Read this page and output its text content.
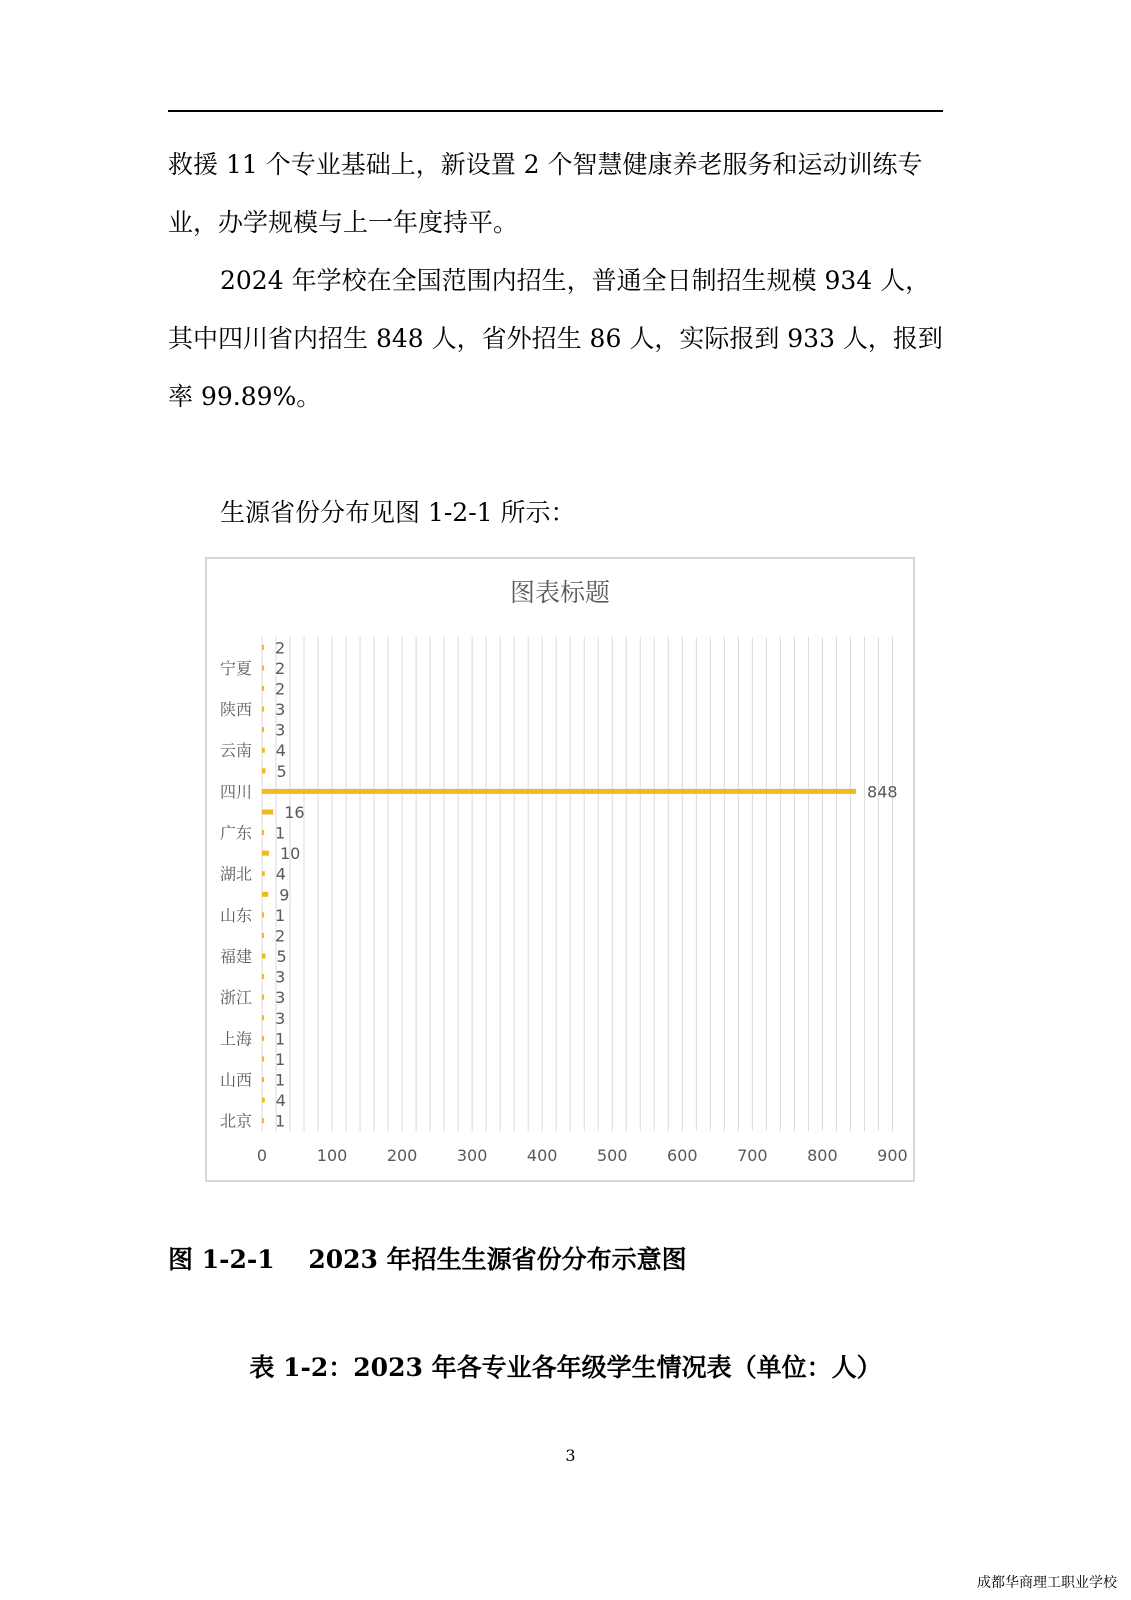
救援 11 个专业基础上，新设置 2 个智慧健康养老服务和运动训练专
业，办学规模与上一年度持平。
2024 年学校在全国范围内招生，普通全日制招生规模 934 人，
其中四川省内招生 848 人，省外招生 86 人，实际报到 933 人，报到
率 99.89%。
生源省份分布见图 1-2-1 所示：
图表标题
0	100 200 300 400 500 600 700 800 900
1
北京
4
1
山西
1
1
上海
3
3
浙江
3
5
福建
2
1
山东
9
4
湖北
10
1
广东
16
848
四川
5
4
云南
3
3
陕西
2
2
宁夏
2
图 1-2-1　 2023 年招生生源省份分布示意图
表 1-2：2023 年各专业各年级学生情况表（单位：人）
3
成都华商理工职业学校
